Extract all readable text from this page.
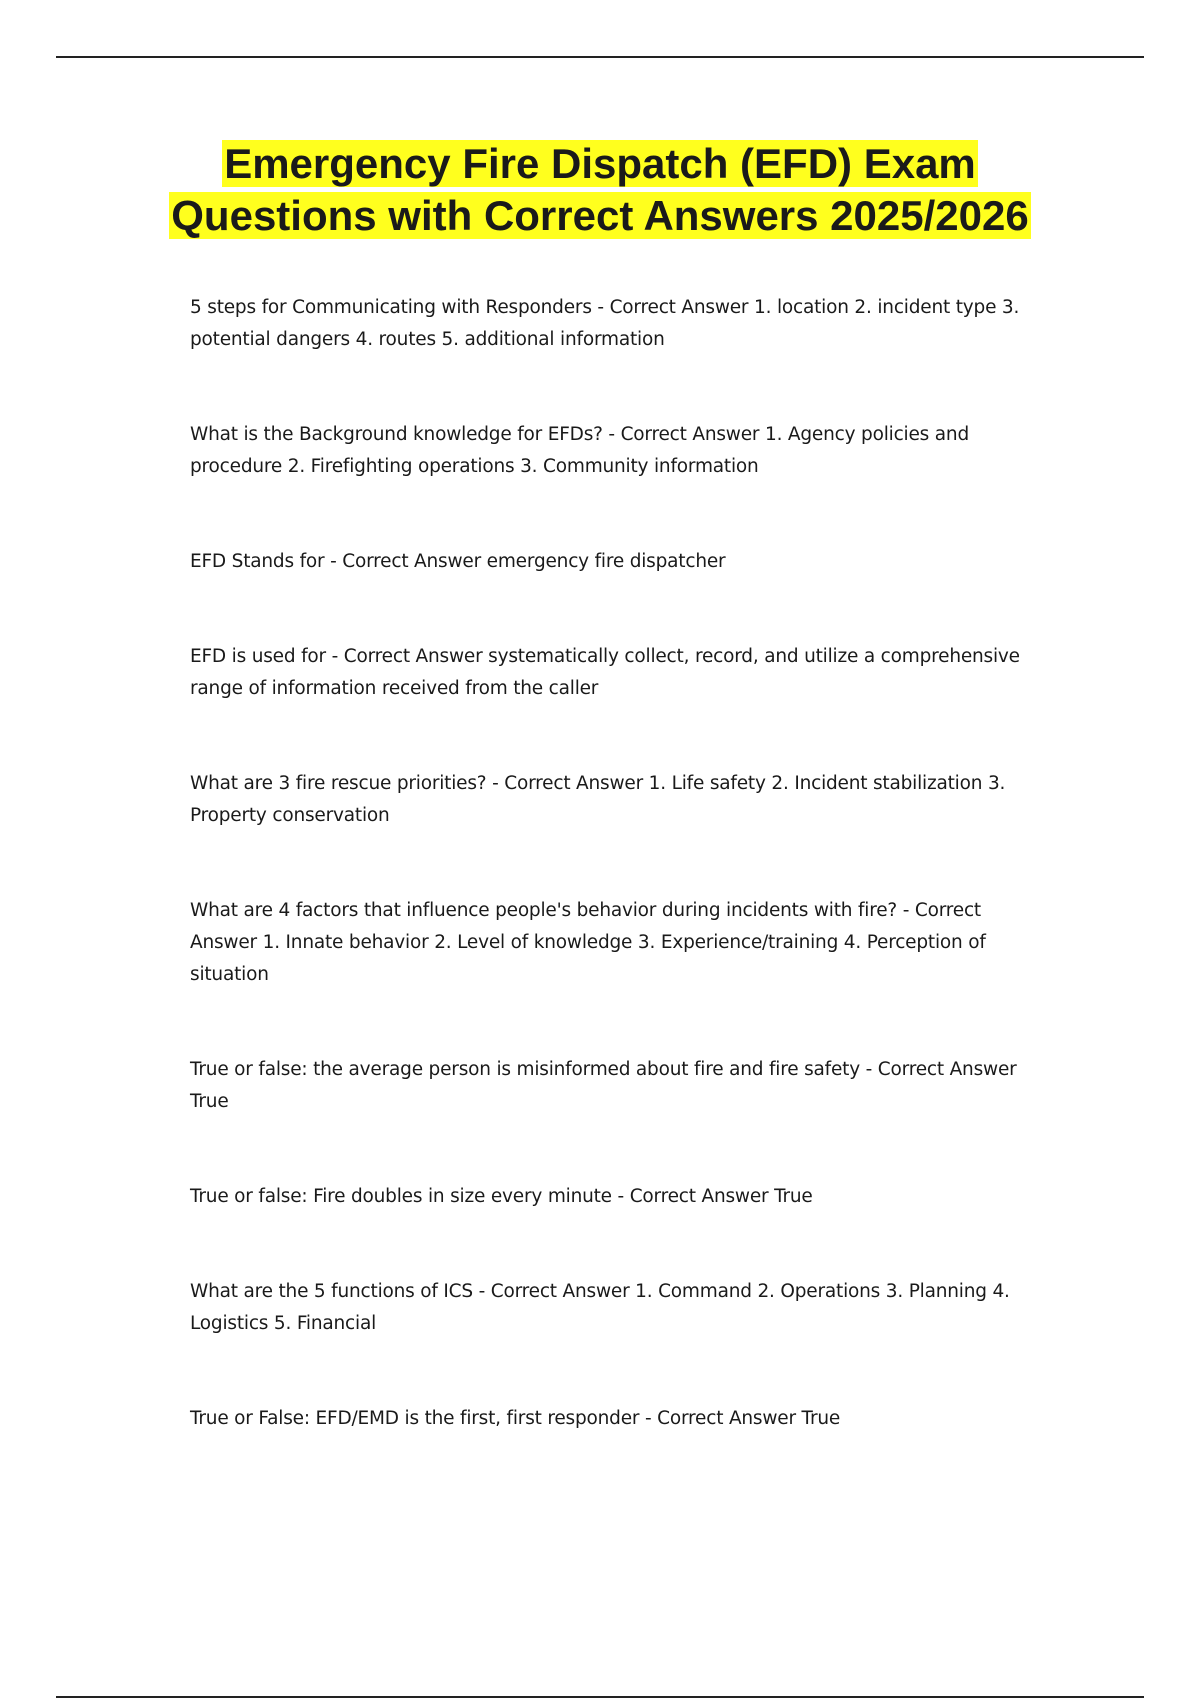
Emergency Fire Dispatch (EFD) Exam Questions with Correct Answers 2025/2026
5 steps for Communicating with Responders - Correct Answer 1. location 2. incident type 3. potential dangers 4. routes 5. additional information
What is the Background knowledge for EFDs? - Correct Answer 1. Agency policies and procedure 2. Firefighting operations 3. Community information
EFD Stands for - Correct Answer emergency fire dispatcher
EFD is used for - Correct Answer systematically collect, record, and utilize a comprehensive range of information received from the caller
What are 3 fire rescue priorities? - Correct Answer 1. Life safety 2. Incident stabilization 3. Property conservation
What are 4 factors that influence people's behavior during incidents with fire? - Correct Answer 1. Innate behavior 2. Level of knowledge 3. Experience/training 4. Perception of situation
True or false: the average person is misinformed about fire and fire safety - Correct Answer True
True or false: Fire doubles in size every minute - Correct Answer True
What are the 5 functions of ICS - Correct Answer 1. Command 2. Operations 3. Planning 4. Logistics 5. Financial
True or False: EFD/EMD is the first, first responder - Correct Answer True
